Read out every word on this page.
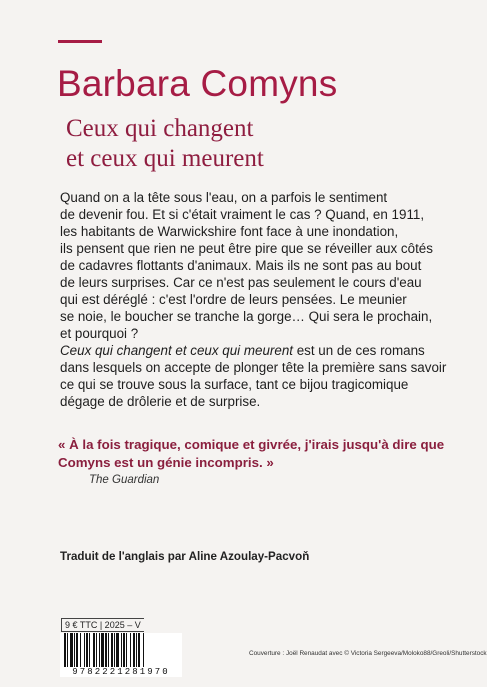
Barbara Comyns
Ceux qui changent
et ceux qui meurent
Quand on a la tête sous l'eau, on a parfois le sentiment
de devenir fou. Et si c'était vraiment le cas ? Quand, en 1911,
les habitants de Warwickshire font face à une inondation,
ils pensent que rien ne peut être pire que se réveiller aux côtés
de cadavres flottants d'animaux. Mais ils ne sont pas au bout
de leurs surprises. Car ce n'est pas seulement le cours d'eau
qui est déréglé : c'est l'ordre de leurs pensées. Le meunier
se noie, le boucher se tranche la gorge… Qui sera le prochain,
et pourquoi ?
Ceux qui changent et ceux qui meurent est un de ces romans
dans lesquels on accepte de plonger tête la première sans savoir
ce qui se trouve sous la surface, tant ce bijou tragicomique
dégage de drôlerie et de surprise.
« À la fois tragique, comique et givrée, j'irais jusqu'à dire que
Comyns est un génie incompris. »
The Guardian
Traduit de l'anglais par Aline Azoulay-Pacvoň
9 € TTC | 2025 – V
9782221281970
Couverture : Joël Renaudat avec © Victoria Sergeeva/Moloko88/Greoli/Shutterstock
